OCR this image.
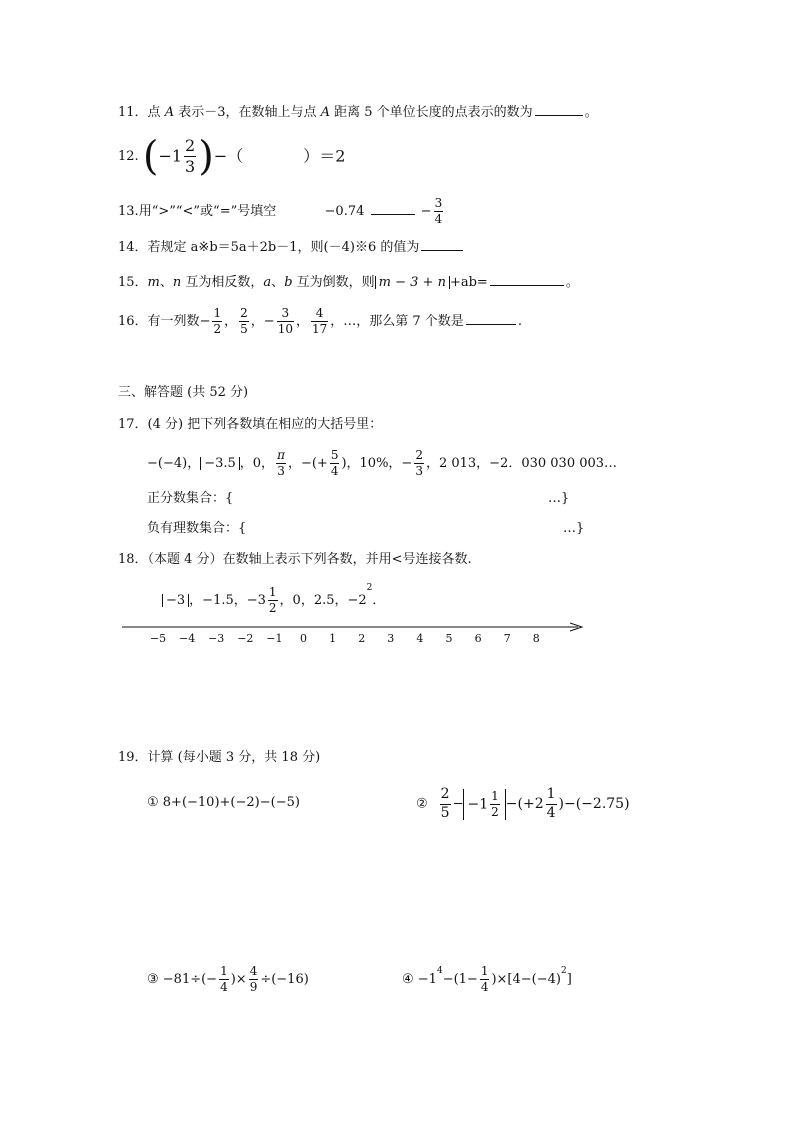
11．点 A 表示－3，在数轴上与点 A 距离 5 个单位长度的点表示的数为	。
12. ($-1 \frac{2}{3}$ )−（	）＝2
13.用“>”“<”或“=”号填空	−0.74	− $\frac{3}{4}$
14．若规定 a※b＝5a＋2b－1，则(－4)※6 的值为
15．m、n 互为相反数，a、b 互为倒数，则 m − 3 + n +ab=	。
16．有一列数− $\frac{1}{2}$ ， $\frac{2}{5}$ ，− $\frac{3}{10}$ ， $\frac{4}{17}$ ，…，那么第 7 个数是	.
三、解答题 (共 52 分)
17．(4 分) 把下列各数填在相应的大括号里：
−(−4)， −3.5 ，0， $\frac{\pi}{3}$ ，−(+ $\frac{5}{4}$ )，10%，− $\frac{2}{3}$ ，2 013，−2．030 030 003…
正分数集合：{	…}
负有理数集合：{	…}
18．（本题 4 分）在数轴上表示下列各数，并用<号连接各数.
−3 ，−1.5，$-3 \frac{1}{2}$ ，0，2.5，$-2^2$．
−5	−4	−3	−2	−1	0	1	2	3	4	5	6	7	8
19．计算 (每小题 3 分，共 18 分)
① 8+(−10)+(−2)−(−5)	② $\frac{2}{5} - -1 \frac{1}{2} -(+2 \frac{1}{4} )-(-2.75)$
③ $-81\div(- \frac{1}{4}$ )× $\frac{4}{9} \div(-16)$	④ $-1^4-(1- \frac{1}{4} )\times[4-(-4)^2]$
